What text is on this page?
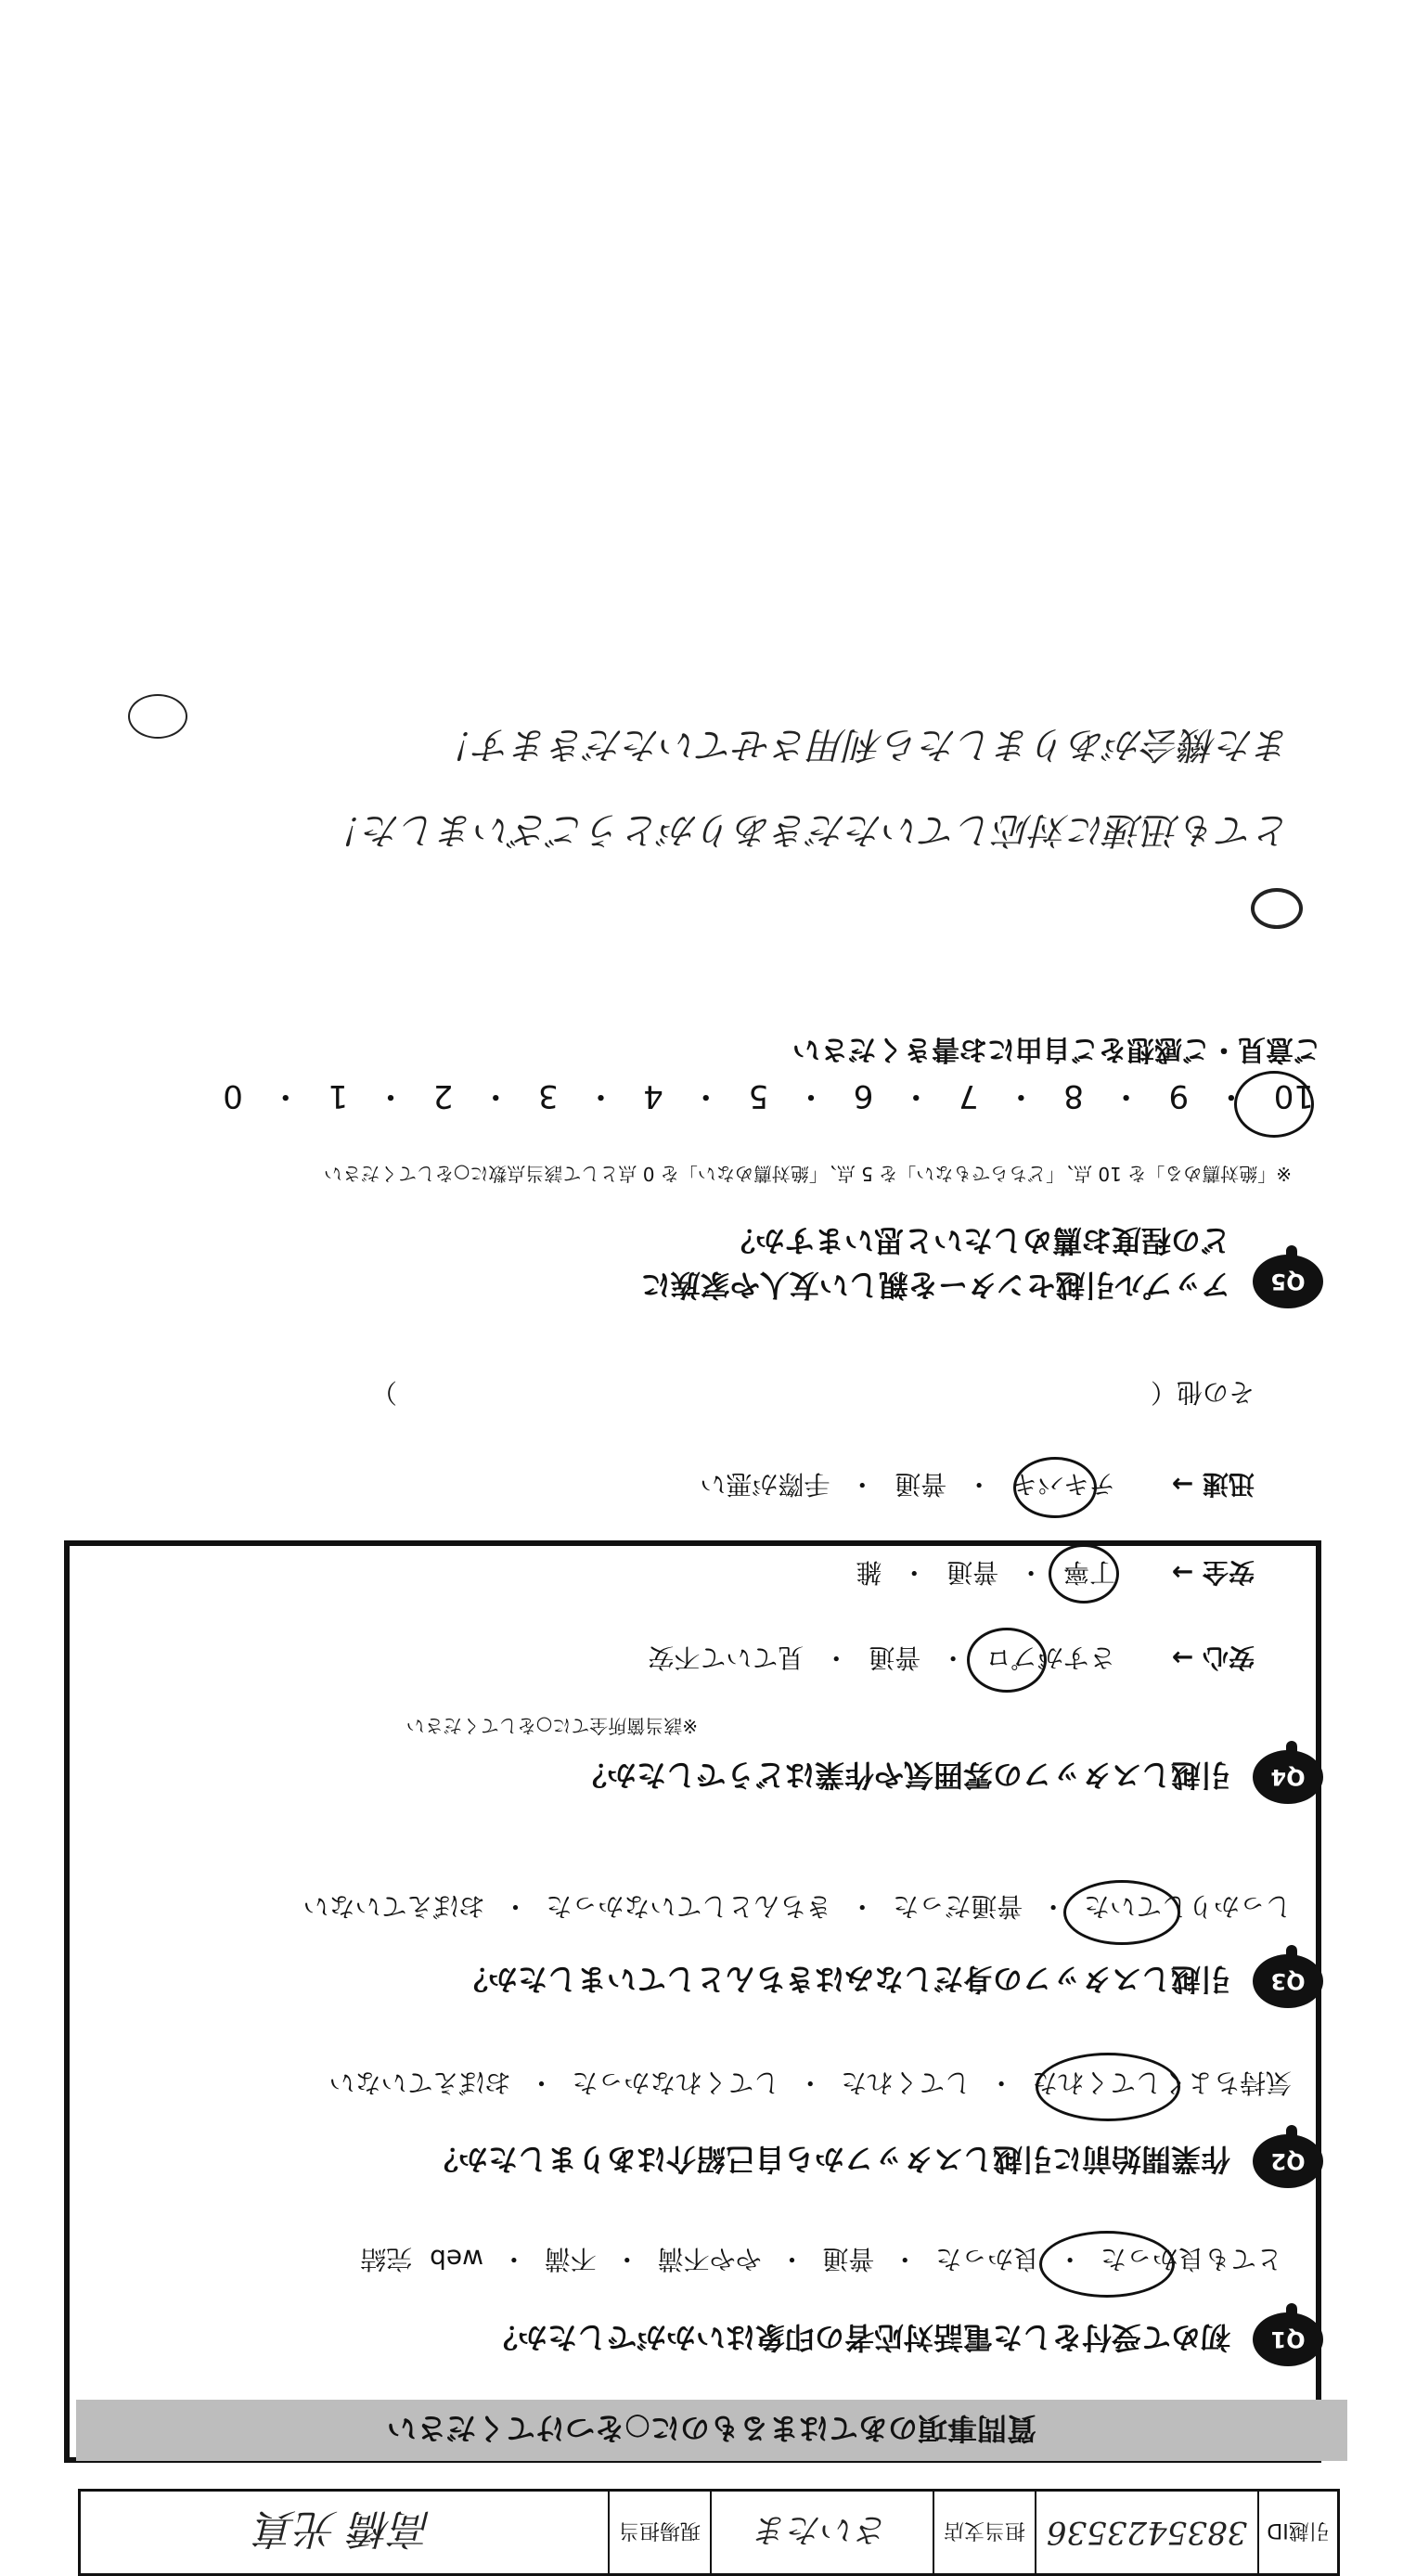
引越ID
3835423536
担当支店
さいたま
現場担当
高橋 光真
とても迅速に対応していただきありがとうございました！
また機会がありましたら利用させていただきます！
ご意見・ご感想をご自由にお書きください
10 ・ 9 ・ 8 ・ 7 ・ 6 ・ 5 ・ 4 ・ 3 ・ 2 ・ 1 ・ 0
※「絶対薦める」を 10 点、「どちらでもない」を 5 点、「絶対薦めない」を 0 点として該当点数に○をしてください
Q5
アップル引越センターを親しい友人や家族に
どの程度お薦めしたいと思いますか？
その他（　　　　　　　　　　　　　　　　　　　　　　　　　　　　　）
迅速 →
テキパキ ・ 普通 ・ 手際が悪い
安全 →
丁寧 ・ 普通 ・ 雑
安心 →
さすがプロ ・ 普通 ・ 見ていて不安
※該当箇所全てに○をしてください
Q4
引越しスタッフの雰囲気や作業はどうでしたか？
しっかりしていた ・ 普通だった ・ きちんとしていなかった ・ おぼえていない
Q3
引越しスタッフの身だしなみはきちんとしていましたか？
気持ちよくしてくれた ・ してくれた ・ してくれなかった ・ おぼえていない
Q2
作業開始前に引越しスタッフから自己紹介はありましたか？
とても良かった ・ 良かった ・ 普通 ・ やや不満 ・ 不満 ・ web 完結
Q1
初めて受付をした電話対応者の印象はいかがでしたか？
質問事項のあてはまるものに○をつけてください
